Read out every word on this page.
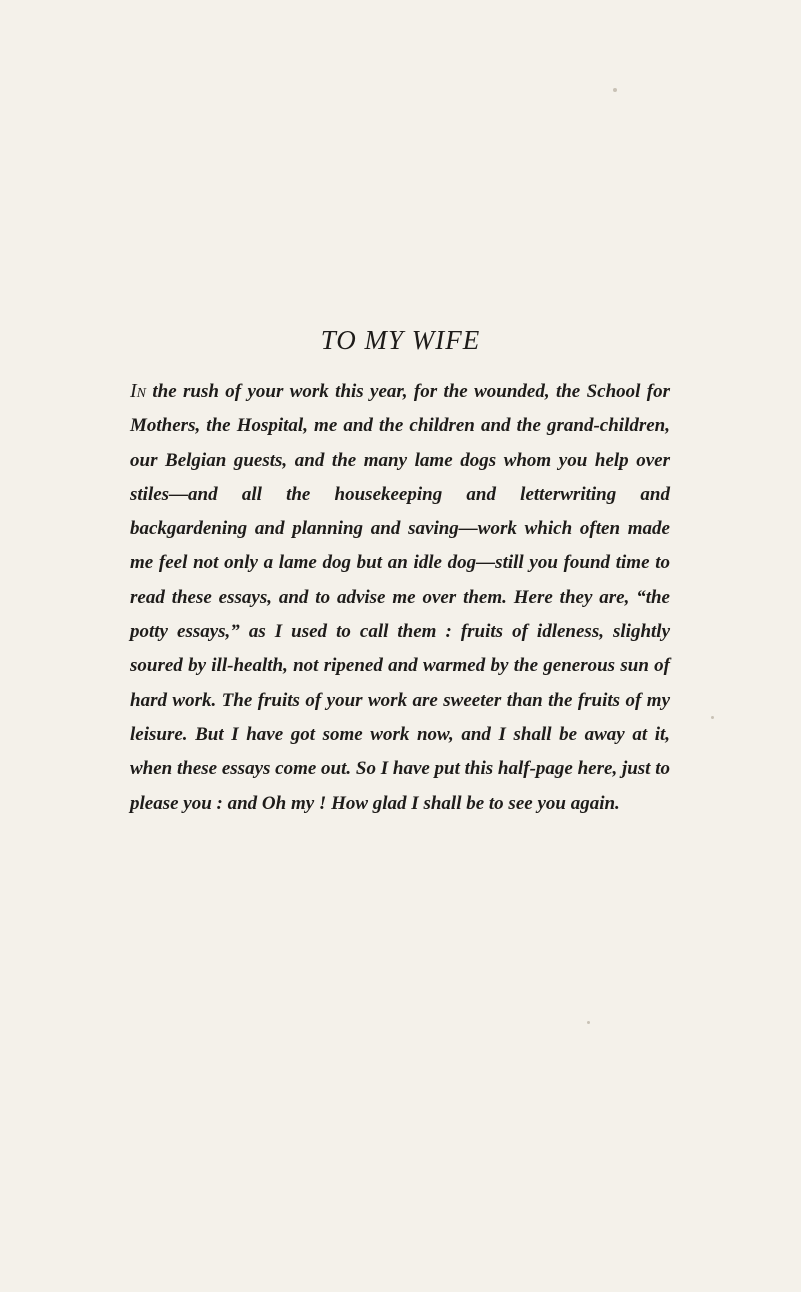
TO MY WIFE

In the rush of your work this year, for the wounded, the School for Mothers, the Hospital, me and the children and the grand-children, our Belgian guests, and the many lame dogs whom you help over stiles—and all the housekeeping and letterwriting and backgardening and planning and saving—work which often made me feel not only a lame dog but an idle dog—still you found time to read these essays, and to advise me over them. Here they are, “the potty essays,” as I used to call them : fruits of idleness, slightly soured by ill-health, not ripened and warmed by the generous sun of hard work. The fruits of your work are sweeter than the fruits of my leisure. But I have got some work now, and I shall be away at it, when these essays come out. So I have put this half-page here, just to please you : and Oh my ! How glad I shall be to see you again.
